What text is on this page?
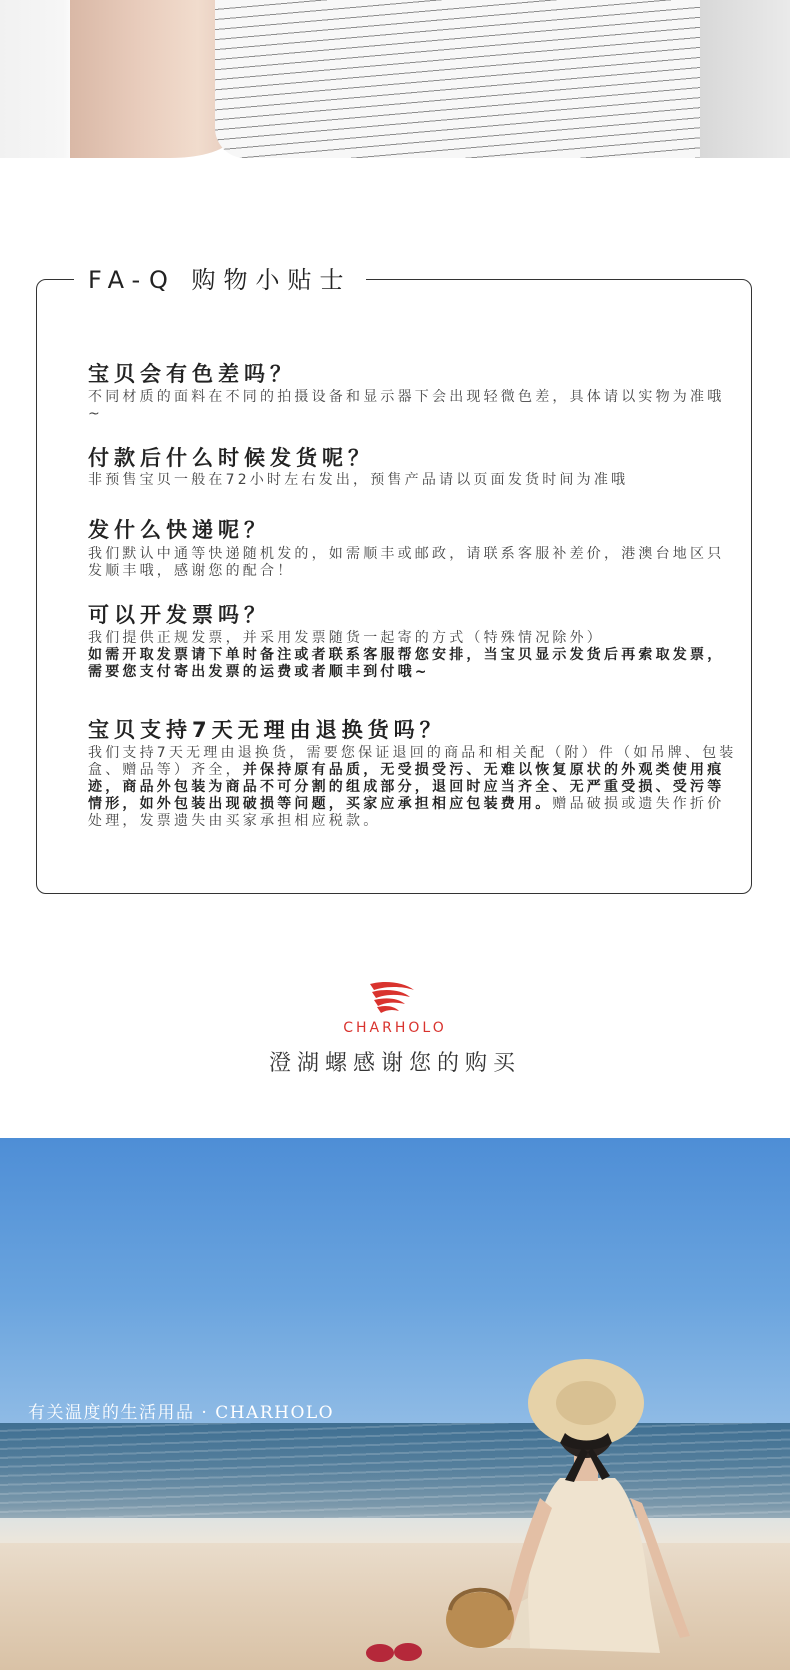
FA-Q 购物小贴士
宝贝会有色差吗？
不同材质的面料在不同的拍摄设备和显示器下会出现轻微色差，具体请以实物为准哦~
付款后什么时候发货呢？
非预售宝贝一般在72小时左右发出，预售产品请以页面发货时间为准哦
发什么快递呢？
我们默认中通等快递随机发的，如需顺丰或邮政，请联系客服补差价，港澳台地区只发顺丰哦，感谢您的配合！
可以开发票吗？
我们提供正规发票，并采用发票随货一起寄的方式（特殊情况除外）
如需开取发票请下单时备注或者联系客服帮您安排，当宝贝显示发货后再索取发票，需要您支付寄出发票的运费或者顺丰到付哦~
宝贝支持7天无理由退换货吗？
我们支持7天无理由退换货，需要您保证退回的商品和相关配（附）件（如吊牌、包装盒、赠品等）齐全，并保持原有品质，无受损受污、无难以恢复原状的外观类使用痕迹，商品外包装为商品不可分割的组成部分，退回时应当齐全、无严重受损、受污等情形，如外包装出现破损等问题，买家应承担相应包装费用。赠品破损或遗失作折价处理，发票遗失由买家承担相应税款。
CHARHOLO
澄湖螺感谢您的购买
有关温度的生活用品 · CHARHOLO
